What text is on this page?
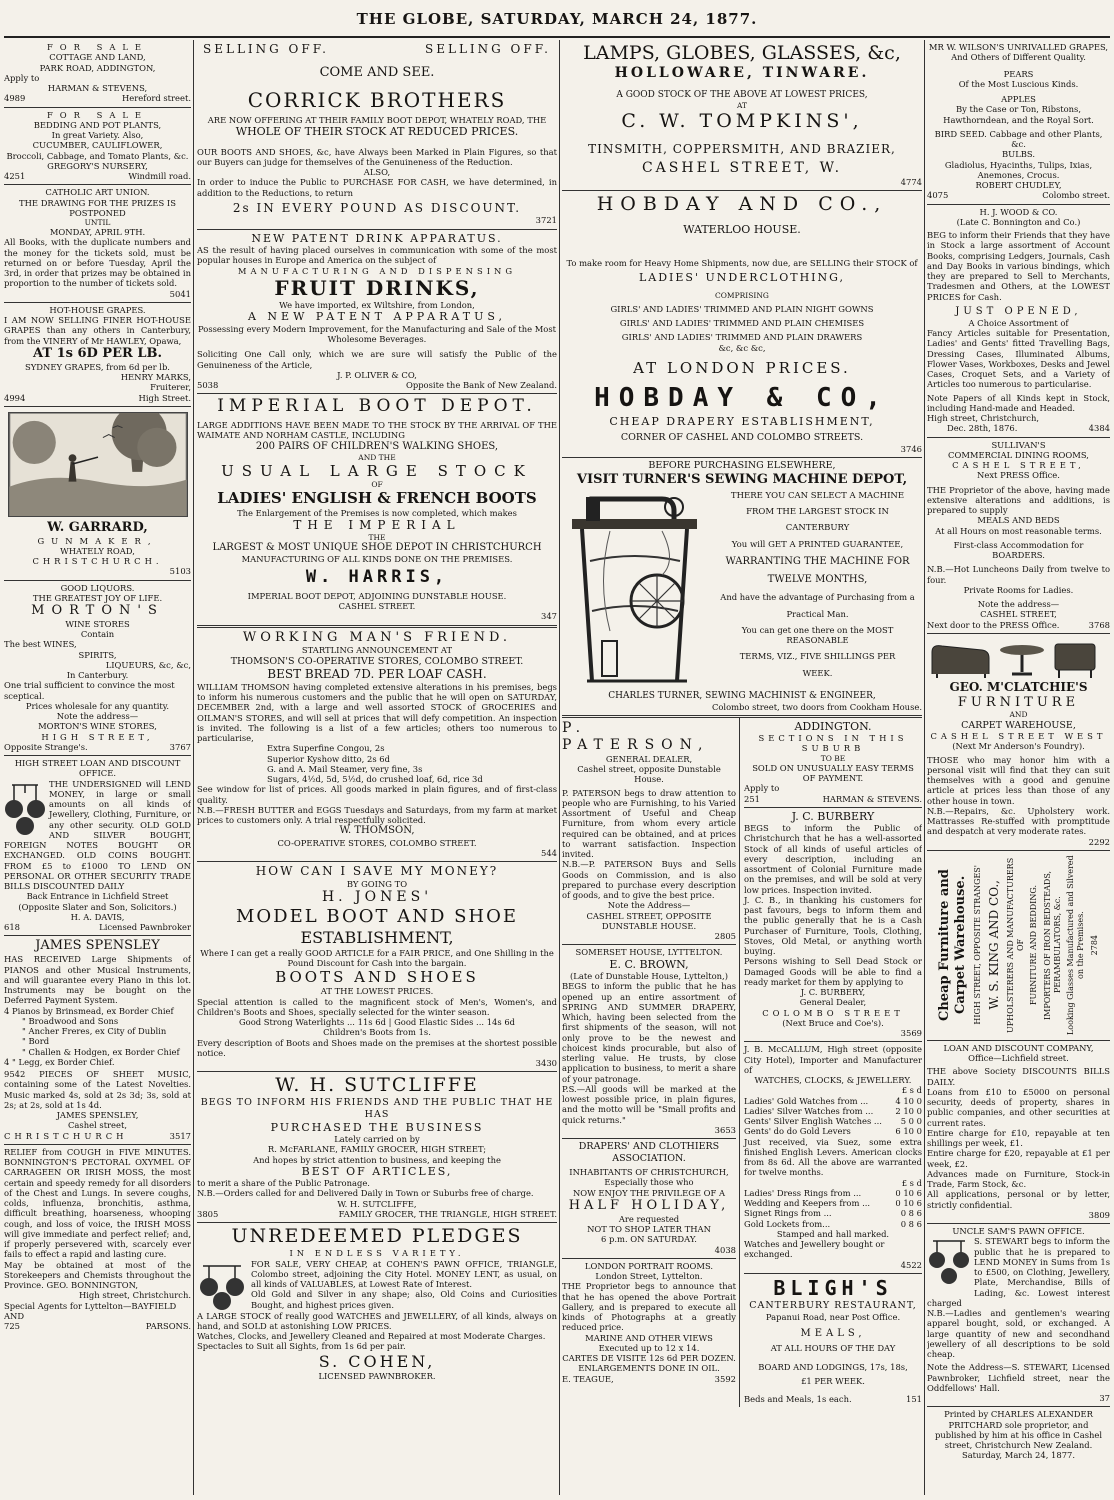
THE GLOBE, SATURDAY, MARCH 24, 1877.
FOR SALE
COTTAGE AND LAND,
PARK ROAD, ADDINGTON,
Apply to
HARMAN & STEVENS,
4989	Hereford street.
FOR SALE
BEDDING AND POT PLANTS,
In great Variety. Also,
CUCUMBER, CAULIFLOWER,
Broccoli, Cabbage, and Tomato Plants, &c.
GREGORY'S NURSERY,
4251	Windmill road.
CATHOLIC ART UNION.
THE DRAWING FOR THE PRIZES IS POSTPONED
UNTIL
MONDAY, APRIL 9TH.
All Books, with the duplicate numbers and the money for the tickets sold, must be returned on or before Tuesday, April the 3rd, in order that prizes may be obtained in proportion to the number of tickets sold.
5041
HOT-HOUSE GRAPES.
I AM NOW SELLING FINER HOT-HOUSE GRAPES than any others in Canterbury, from the VINERY of Mr HAWLEY, Opawa,
AT 1s 6D PER LB.
SYDNEY GRAPES, from 6d per lb.
HENRY MARKS,
Fruiterer,
4994	High Street.
W. GARRARD,
GUNMAKER,
WHATELY ROAD,
CHRISTCHURCH.
5103
GOOD LIQUORS.
THE GREATEST JOY OF LIFE.
MORTON'S
WINE STORES
Contain
The best WINES,
SPIRITS,
LIQUEURS, &c, &c,
In Canterbury.
One trial sufficient to convince the most sceptical.
Prices wholesale for any quantity.
Note the address—
MORTON'S WINE STORES,
HIGH STREET,
Opposite Strange's.	3767
HIGH STREET LOAN AND DISCOUNT OFFICE.
THE UNDERSIGNED will LEND MONEY, in large or small amounts on all kinds of Jewellery, Clothing, Furniture, or any other security. OLD GOLD AND SILVER BOUGHT, FOREIGN NOTES BOUGHT OR EXCHANGED. OLD COINS BOUGHT. FROM £5 to £1000 TO LEND ON PERSONAL OR OTHER SECURITY TRADE BILLS DISCOUNTED DAILY
Back Entrance in Lichfield Street
(Opposite Slater and Son, Solicitors.)
H. A. DAVIS,
618	Licensed Pawnbroker
JAMES SPENSLEY
HAS RECEIVED Large Shipments of PIANOS and other Musical Instruments, and will guarantee every Piano in this lot. Instruments may be bought on the Deferred Payment System.
4 Pianos by Brinsmead, ex Border Chief
" Broadwood and Sons
" Ancher Freres, ex City of Dublin
" Bord
" Challen & Hodgen, ex Border Chief
4 " Legg, ex Border Chief.
9542 PIECES OF SHEET MUSIC, containing some of the Latest Novelties. Music marked 4s, sold at 2s 3d; 3s, sold at 2s; at 2s, sold at 1s 4d.
JAMES SPENSLEY,
Cashel street,
CHRISTCHURCH	3517
RELIEF from COUGH in FIVE MINUTES. BONNINGTON'S PECTORAL OXYMEL OF CARRAGEEN OR IRISH MOSS, the most certain and speedy remedy for all disorders of the Chest and Lungs. In severe coughs, colds, influenza, bronchitis, asthma, difficult breathing, hoarseness, whooping cough, and loss of voice, the IRISH MOSS will give immediate and perfect relief; and, if properly persevered with, scarcely ever fails to effect a rapid and lasting cure.
May be obtained at most of the Storekeepers and Chemists throughout the Province. GEO. BONNINGTON,
High street, Christchurch.
Special Agents for Lyttelton—BAYFIELD AND
725	PARSONS.
SELLING OFF.	SELLING OFF.
COME AND SEE.
CORRICK BROTHERS
ARE NOW OFFERING AT THEIR FAMILY BOOT DEPOT, WHATELY ROAD, THE
WHOLE OF THEIR STOCK AT REDUCED PRICES.
OUR BOOTS AND SHOES, &c, have Always been Marked in Plain Figures, so that our Buyers can judge for themselves of the Genuineness of the Reduction.
ALSO,
In order to induce the Public to PURCHASE FOR CASH, we have determined, in addition to the Reductions, to return
2s IN EVERY POUND AS DISCOUNT.
3721
NEW PATENT DRINK APPARATUS.
AS the result of having placed ourselves in communication with some of the most popular houses in Europe and America on the subject of
MANUFACTURING AND DISPENSING
FRUIT DRINKS,
We have imported, ex Wiltshire, from London,
A NEW PATENT APPARATUS,
Possessing every Modern Improvement, for the Manufacturing and Sale of the Most Wholesome Beverages.
Soliciting One Call only, which we are sure will satisfy the Public of the Genuineness of the Article,
J. P. OLIVER & CO,
5038	Opposite the Bank of New Zealand.
IMPERIAL BOOT DEPOT.
LARGE ADDITIONS HAVE BEEN MADE TO THE STOCK BY THE ARRIVAL OF THE WAIMATE AND NORHAM CASTLE, INCLUDING
200 PAIRS OF CHILDREN'S WALKING SHOES,
AND THE
USUAL LARGE STOCK
OF
LADIES' ENGLISH & FRENCH BOOTS
The Enlargement of the Premises is now completed, which makes
THE IMPERIAL
THE
LARGEST & MOST UNIQUE SHOE DEPOT IN CHRISTCHURCH
MANUFACTURING OF ALL KINDS DONE ON THE PREMISES.
W. HARRIS,
IMPERIAL BOOT DEPOT, ADJOINING DUNSTABLE HOUSE.
CASHEL STREET.
347
WORKING MAN'S FRIEND.
STARTLING ANNOUNCEMENT AT
THOMSON'S CO-OPERATIVE STORES, COLOMBO STREET.
BEST BREAD 7D. PER LOAF CASH.
WILLIAM THOMSON having completed extensive alterations in his premises, begs to inform his numerous customers and the public that he will open on SATURDAY, DECEMBER 2nd, with a large and well assorted STOCK of GROCERIES and OILMAN'S STORES, and will sell at prices that will defy competition. An inspection is invited. The following is a list of a few articles; others too numerous to particularise,
Extra Superfine Congou, 2s
Superior Kyshow ditto, 2s 6d
G. and A. Mail Steamer, very fine, 3s
Sugars, 4½d, 5d, 5½d, do crushed loaf, 6d, rice 3d
See window for list of prices. All goods marked in plain figures, and of first-class quality.
N.B.—FRESH BUTTER and EGGS Tuesdays and Saturdays, from my farm at market prices to customers only. A trial respectfully solicited.
W. THOMSON,
CO-OPERATIVE STORES, COLOMBO STREET.
544
HOW CAN I SAVE MY MONEY?
BY GOING TO
H. JONES'
MODEL BOOT AND SHOE
ESTABLISHMENT,
Where I can get a really GOOD ARTICLE for a FAIR PRICE, and One Shilling in the Pound Discount for Cash into the bargain.
BOOTS AND SHOES
AT THE LOWEST PRICES.
Special attention is called to the magnificent stock of Men's, Women's, and Children's Boots and Shoes, specially selected for the winter season.
Good Strong Waterlights ... 11s 6d | Good Elastic Sides ... 14s 6d
Children's Boots from 1s.
Every description of Boots and Shoes made on the premises at the shortest possible notice.
3430
W. H. SUTCLIFFE
BEGS TO INFORM HIS FRIENDS AND THE PUBLIC THAT HE HAS
PURCHASED THE BUSINESS
Lately carried on by
R. McFARLANE, FAMILY GROCER, HIGH STREET;
And hopes by strict attention to business, and keeping the
BEST OF ARTICLES,
to merit a share of the Public Patronage.
N.B.—Orders called for and Delivered Daily in Town or Suburbs free of charge.
W. H. SUTCLIFFE,
3805	FAMILY GROCER, THE TRIANGLE, HIGH STREET.
UNREDEEMED PLEDGES
IN ENDLESS VARIETY.
FOR SALE, VERY CHEAP, at COHEN'S PAWN OFFICE, TRIANGLE, Colombo street, adjoining the City Hotel. MONEY LENT, as usual, on all kinds of VALUABLES, at Lowest Rate of Interest.
Old Gold and Silver in any shape; also, Old Coins and Curiosities Bought, and highest prices given.
A LARGE STOCK of really good WATCHES and JEWELLERY, of all kinds, always on hand, and SOLD at astonishing LOW PRICES.
Watches, Clocks, and Jewellery Cleaned and Repaired at most Moderate Charges.
Spectacles to Suit all Sights, from 1s 6d per pair.
S. COHEN,
LICENSED PAWNBROKER.
LAMPS, GLOBES, GLASSES, &c,
HOLLOWARE, TINWARE.
A GOOD STOCK OF THE ABOVE AT LOWEST PRICES,
AT
C. W. TOMPKINS',
TINSMITH, COPPERSMITH, AND BRAZIER,
CASHEL STREET, W.
4774
HOBDAY AND CO.,
WATERLOO HOUSE.
To make room for Heavy Home Shipments, now due, are SELLING their STOCK of
LADIES' UNDERCLOTHING,
COMPRISING
GIRLS' AND LADIES' TRIMMED AND PLAIN NIGHT GOWNS
GIRLS' AND LADIES' TRIMMED AND PLAIN CHEMISES
GIRLS' AND LADIES' TRIMMED AND PLAIN DRAWERS
&c, &c &c,
AT LONDON PRICES.
HOBDAY & CO,
CHEAP DRAPERY ESTABLISHMENT,
CORNER OF CASHEL AND COLOMBO STREETS.
3746
BEFORE PURCHASING ELSEWHERE,
VISIT TURNER'S SEWING MACHINE DEPOT,
THERE YOU CAN SELECT A MACHINE
FROM THE LARGEST STOCK IN
CANTERBURY
You will GET A PRINTED GUARANTEE,
WARRANTING THE MACHINE FOR
TWELVE MONTHS,
And have the advantage of Purchasing from a
Practical Man.
You can get one there on the MOST REASONABLE
TERMS, VIZ., FIVE SHILLINGS PER
WEEK.
CHARLES TURNER, SEWING MACHINIST & ENGINEER,
Colombo street, two doors from Cookham House.
P. PATERSON,
GENERAL DEALER,
Cashel street, opposite Dunstable House.
P. PATERSON begs to draw attention to people who are Furnishing, to his Varied Assortment of Useful and Cheap Furniture, from whom every article required can be obtained, and at prices to warrant satisfaction. Inspection invited.
N.B.—P. PATERSON Buys and Sells Goods on Commission, and is also prepared to purchase every description of goods, and to give the best price.
Note the Address—
CASHEL STREET, OPPOSITE DUNSTABLE HOUSE.
2805
SOMERSET HOUSE, LYTTELTON.
E. C. BROWN,
(Late of Dunstable House, Lyttelton,)
BEGS to inform the public that he has opened up an entire assortment of SPRING AND SUMMER DRAPERY, Which, having been selected from the first shipments of the season, will not only prove to be the newest and choicest kinds procurable, but also of sterling value. He trusts, by close application to business, to merit a share of your patronage.
P.S.—All goods will be marked at the lowest possible price, in plain figures, and the motto will be "Small profits and quick returns."
3653
DRAPERS' AND CLOTHIERS ASSOCIATION.
INHABITANTS OF CHRISTCHURCH,
Especially those who
NOW ENJOY THE PRIVILEGE OF A
HALF HOLIDAY,
Are requested
NOT TO SHOP LATER THAN
6 p.m. ON SATURDAY.
4038
LONDON PORTRAIT ROOMS.
London Street, Lyttelton.
THE Proprietor begs to announce that that he has opened the above Portrait Gallery, and is prepared to execute all kinds of Photographs at a greatly reduced price.
MARINE AND OTHER VIEWS
Executed up to 12 x 14.
CARTES DE VISITE 12s 6d PER DOZEN.
ENLARGEMENTS DONE IN OIL.
E. TEAGUE,	3592
ADDINGTON.
SECTIONS IN THIS SUBURB
TO BE
SOLD ON UNUSUALLY EASY TERMS
OF PAYMENT.
Apply to
251	HARMAN & STEVENS.
J. C. BURBERY
BEGS to inform the Public of Christchurch that he has a well-assorted Stock of all kinds of useful articles of every description, including an assortment of Colonial Furniture made on the premises, and will be sold at very low prices. Inspection invited.
J. C. B., in thanking his customers for past favours, begs to inform them and the public generally that he is a Cash Purchaser of Furniture, Tools, Clothing, Stoves, Old Metal, or anything worth buying.
Persons wishing to Sell Dead Stock or Damaged Goods will be able to find a ready market for them by applying to
J. C. BURBERY,
General Dealer,
COLOMBO STREET
(Next Bruce and Coe's).
3569
J. B. McCALLUM, High street (opposite City Hotel), Importer and Manufacturer of
WATCHES, CLOCKS, & JEWELLERY.
£ s d
Ladies' Gold Watches from ...	4 10 0
Ladies' Silver Watches from ...	2 10 0
Gents' Silver English Watches ... 5 0 0
Gents' do do Gold Levers	6 10 0
Just received, via Suez, some extra finished English Levers. American clocks from 8s 6d. All the above are warranted for twelve months.
£ s d
Ladies' Dress Rings from ...	0 10 6
Wedding and Keepers from ...	0 10 6
Signet Rings from ...	0 8 6
Gold Lockets from...	0 8 6
Stamped and hall marked.
Watches and Jewellery bought or exchanged.
4522
BLIGH'S
CANTERBURY RESTAURANT,
Papanui Road, near Post Office.
MEALS,
AT ALL HOURS OF THE DAY
BOARD AND LODGINGS, 17s, 18s,
£1 PER WEEK.
Beds and Meals, 1s each.	151
MR W. WILSON'S UNRIVALLED GRAPES,
And Others of Different Quality.
PEARS
Of the Most Luscious Kinds.
APPLES
By the Case or Ton, Ribstons, Hawthorndean, and the Royal Sort.
BIRD SEED. Cabbage and other Plants, &c.
BULBS.
Gladiolus, Hyacinths, Tulips, Ixias, Anemones, Crocus.
ROBERT CHUDLEY,
4075	Colombo street.
H. J. WOOD & CO.
(Late C. Bonnington and Co.)
BEG to inform their Friends that they have in Stock a large assortment of Account Books, comprising Ledgers, Journals, Cash and Day Books in various bindings, which they are prepared to Sell to Merchants, Tradesmen and Others, at the LOWEST PRICES for Cash.
JUST OPENED,
A Choice Assortment of
Fancy Articles suitable for Presentation, Ladies' and Gents' fitted Travelling Bags, Dressing Cases, Illuminated Albums, Flower Vases, Workboxes, Desks and Jewel Cases, Croquet Sets, and a Variety of Articles too numerous to particularise.
Note Papers of all Kinds kept in Stock, including Hand-made and Headed.
High street, Christchurch,
Dec. 28th, 1876.	4384
SULLIVAN'S
COMMERCIAL DINING ROOMS,
CASHEL STREET,
Next PRESS Office.
THE Proprietor of the above, having made extensive alterations and additions, is prepared to supply
MEALS AND BEDS
At all Hours on most reasonable terms.
First-class Accommodation for BOARDERS.
N.B.—Hot Luncheons Daily from twelve to four.
Private Rooms for Ladies.
Note the address—
CASHEL STREET,
Next door to the PRESS Office.	3768
GEO. M'CLATCHIE'S
FURNITURE
AND
CARPET WAREHOUSE,
CASHEL STREET WEST
(Next Mr Anderson's Foundry).
THOSE who may honor him with a personal visit will find that they can suit themselves with a good and genuine article at prices less than those of any other house in town.
N.B.—Repairs, &c. Upholstery work. Mattrasses Re-stuffed with promptitude and despatch at very moderate rates.
2292
Cheap Furniture and Carpet Warehouse. HIGH STREET, OPPOSITE STRANGES' W. S. KING AND CO., UPHOLSTERERS AND MANUFACTURERS OF FURNITURE AND BEDDING. IMPORTERS OF IRON BEDSTEADS, PERAMBULATORS, &c. Looking Glasses Manufactured and Silvered on the Premises. 2784
LOAN AND DISCOUNT COMPANY,
Office—Lichfield street.
THE above Society DISCOUNTS BILLS DAILY.
Loans from £10 to £5000 on personal security, deeds of property, shares in public companies, and other securities at current rates.
Entire charge for £10, repayable at ten shillings per week, £1.
Entire charge for £20, repayable at £1 per week, £2.
Advances made on Furniture, Stock-in Trade, Farm Stock, &c.
All applications, personal or by letter, strictly confidential.
3809
UNCLE SAM'S PAWN OFFICE.
S. STEWART begs to inform the public that he is prepared to LEND MONEY in Sums from 1s to £500, on Clothing, Jewellery, Plate, Merchandise, Bills of Lading, &c. Lowest interest charged
N.B.—Ladies and gentlemen's wearing apparel bought, sold, or exchanged. A large quantity of new and secondhand jewellery of all descriptions to be sold cheap.
Note the Address—S. STEWART, Licensed Pawnbroker, Lichfield street, near the Oddfellows' Hall.
37
Printed by CHARLES ALEXANDER PRITCHARD sole proprietor, and published by him at his office in Cashel street, Christchurch New Zealand.
Saturday, March 24, 1877.
